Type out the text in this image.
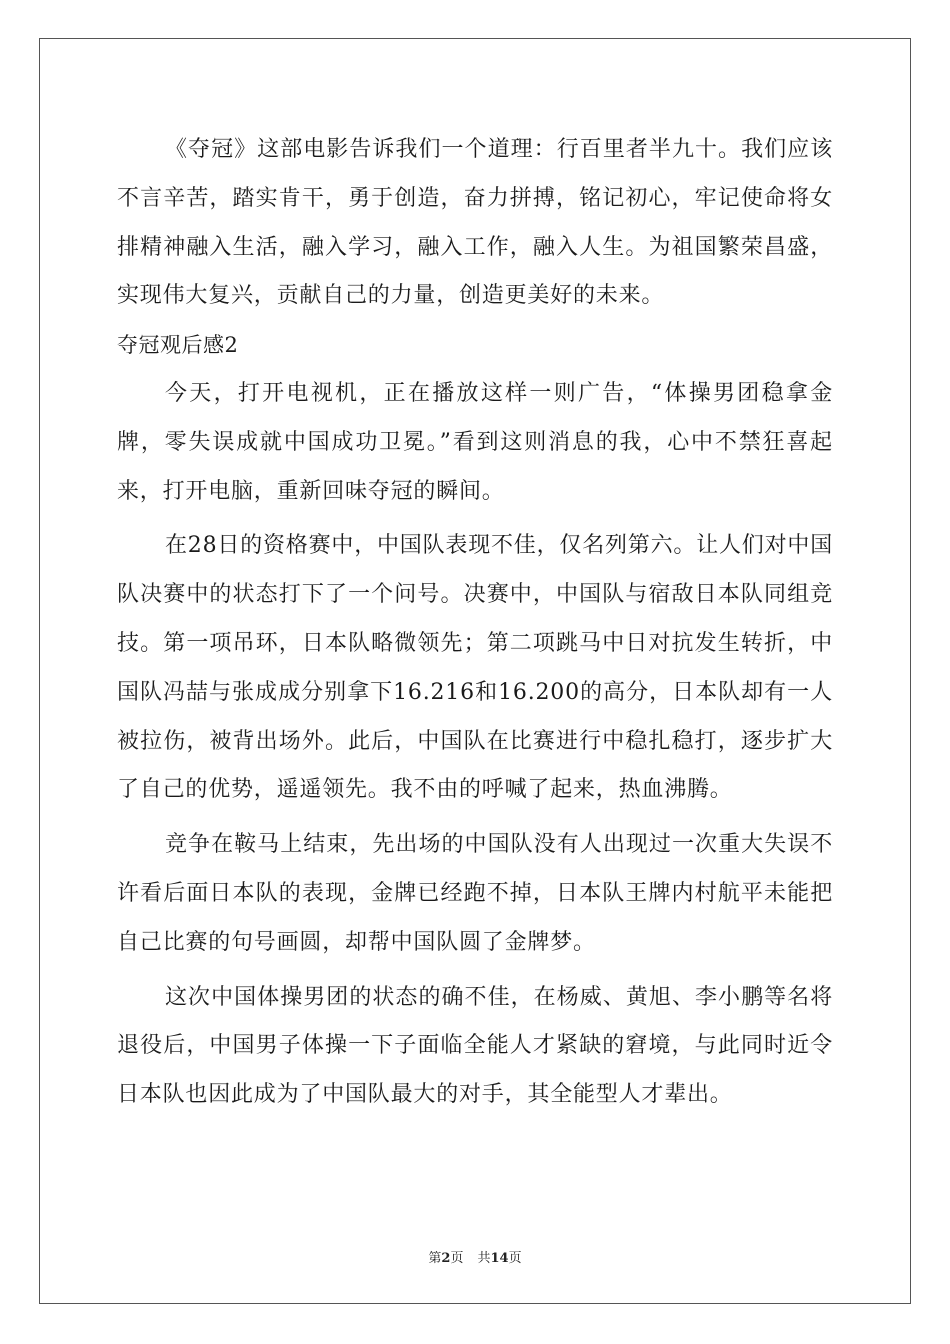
《夺冠》这部电影告诉我们一个道理：行百里者半九十。我们应该不言辛苦，踏实肯干，勇于创造，奋力拼搏，铭记初心，牢记使命将女排精神融入生活，融入学习，融入工作，融入人生。为祖国繁荣昌盛，实现伟大复兴，贡献自己的力量，创造更美好的未来。

夺冠观后感2

今天，打开电视机，正在播放这样一则广告，“体操男团稳拿金牌，零失误成就中国成功卫冕。”看到这则消息的我，心中不禁狂喜起来，打开电脑，重新回味夺冠的瞬间。

在28日的资格赛中，中国队表现不佳，仅名列第六。让人们对中国队决赛中的状态打下了一个问号。决赛中，中国队与宿敌日本队同组竞技。第一项吊环，日本队略微领先；第二项跳马中日对抗发生转折，中国队冯喆与张成成分别拿下16.216和16.200的高分，日本队却有一人被拉伤，被背出场外。此后，中国队在比赛进行中稳扎稳打，逐步扩大了自己的优势，遥遥领先。我不由的呼喊了起来，热血沸腾。

竞争在鞍马上结束，先出场的中国队没有人出现过一次重大失误不许看后面日本队的表现，金牌已经跑不掉，日本队王牌内村航平未能把自己比赛的句号画圆，却帮中国队圆了金牌梦。

这次中国体操男团的状态的确不佳，在杨威、黄旭、李小鹏等名将退役后，中国男子体操一下子面临全能人才紧缺的窘境，与此同时近令日本队也因此成为了中国队最大的对手，其全能型人才辈出。

第2页 共14页
